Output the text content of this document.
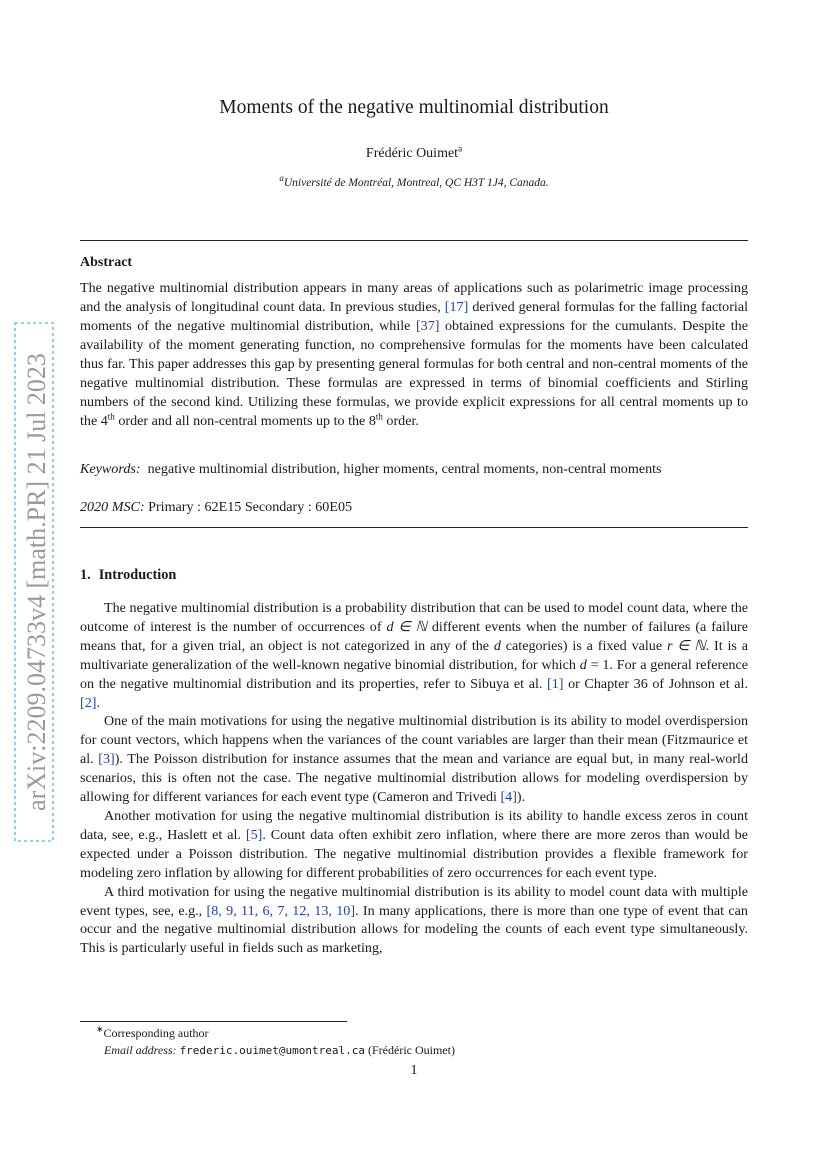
arXiv:2209.04733v4 [math.PR] 21 Jul 2023
Moments of the negative multinomial distribution
Frédéric Ouimet$^a$
$^a$Université de Montréal, Montreal, QC H3T 1J4, Canada.
Abstract
The negative multinomial distribution appears in many areas of applications such as polarimetric image processing and the analysis of longitudinal count data. In previous studies, [17] derived general formulas for the falling factorial moments of the negative multinomial distribution, while [37] obtained expressions for the cumulants. Despite the availability of the moment generating function, no comprehensive formulas for the moments have been calculated thus far. This paper addresses this gap by presenting general formulas for both central and non-central moments of the negative multinomial distribution. These formulas are expressed in terms of binomial coefficients and Stirling numbers of the second kind. Utilizing these formulas, we provide explicit expressions for all central moments up to the 4th order and all non-central moments up to the 8th order.
Keywords: negative multinomial distribution, higher moments, central moments, non-central moments
2020 MSC: Primary : 62E15 Secondary : 60E05
1. Introduction

The negative multinomial distribution is a probability distribution that can be used to model count data, where the outcome of interest is the number of occurrences of d ∈ ℕ different events when the number of failures (a failure means that, for a given trial, an object is not categorized in any of the d categories) is a fixed value r ∈ ℕ. It is a multivariate generalization of the well-known negative binomial distribution, for which d = 1. For a general reference on the negative multinomial distribution and its properties, refer to Sibuya et al. [1] or Chapter 36 of Johnson et al. [2].

One of the main motivations for using the negative multinomial distribution is its ability to model overdispersion for count vectors, which happens when the variances of the count variables are larger than their mean (Fitzmaurice et al. [3]). The Poisson distribution for instance assumes that the mean and variance are equal but, in many real-world scenarios, this is often not the case. The negative multinomial distribution allows for modeling overdispersion by allowing for different variances for each event type (Cameron and Trivedi [4]).

Another motivation for using the negative multinomial distribution is its ability to handle excess zeros in count data, see, e.g., Haslett et al. [5]. Count data often exhibit zero inflation, where there are more zeros than would be expected under a Poisson distribution. The negative multinomial distribution provides a flexible framework for modeling zero inflation by allowing for different probabilities of zero occurrences for each event type.

A third motivation for using the negative multinomial distribution is its ability to model count data with multiple event types, see, e.g., [8, 9, 11, 6, 7, 12, 13, 10]. In many applications, there is more than one type of event that can occur and the negative multinomial distribution allows for modeling the counts of each event type simultaneously. This is particularly useful in fields such as marketing,

∗Corresponding author
Email address: frederic.ouimet@umontreal.ca (Frédéric Ouimet)
1
